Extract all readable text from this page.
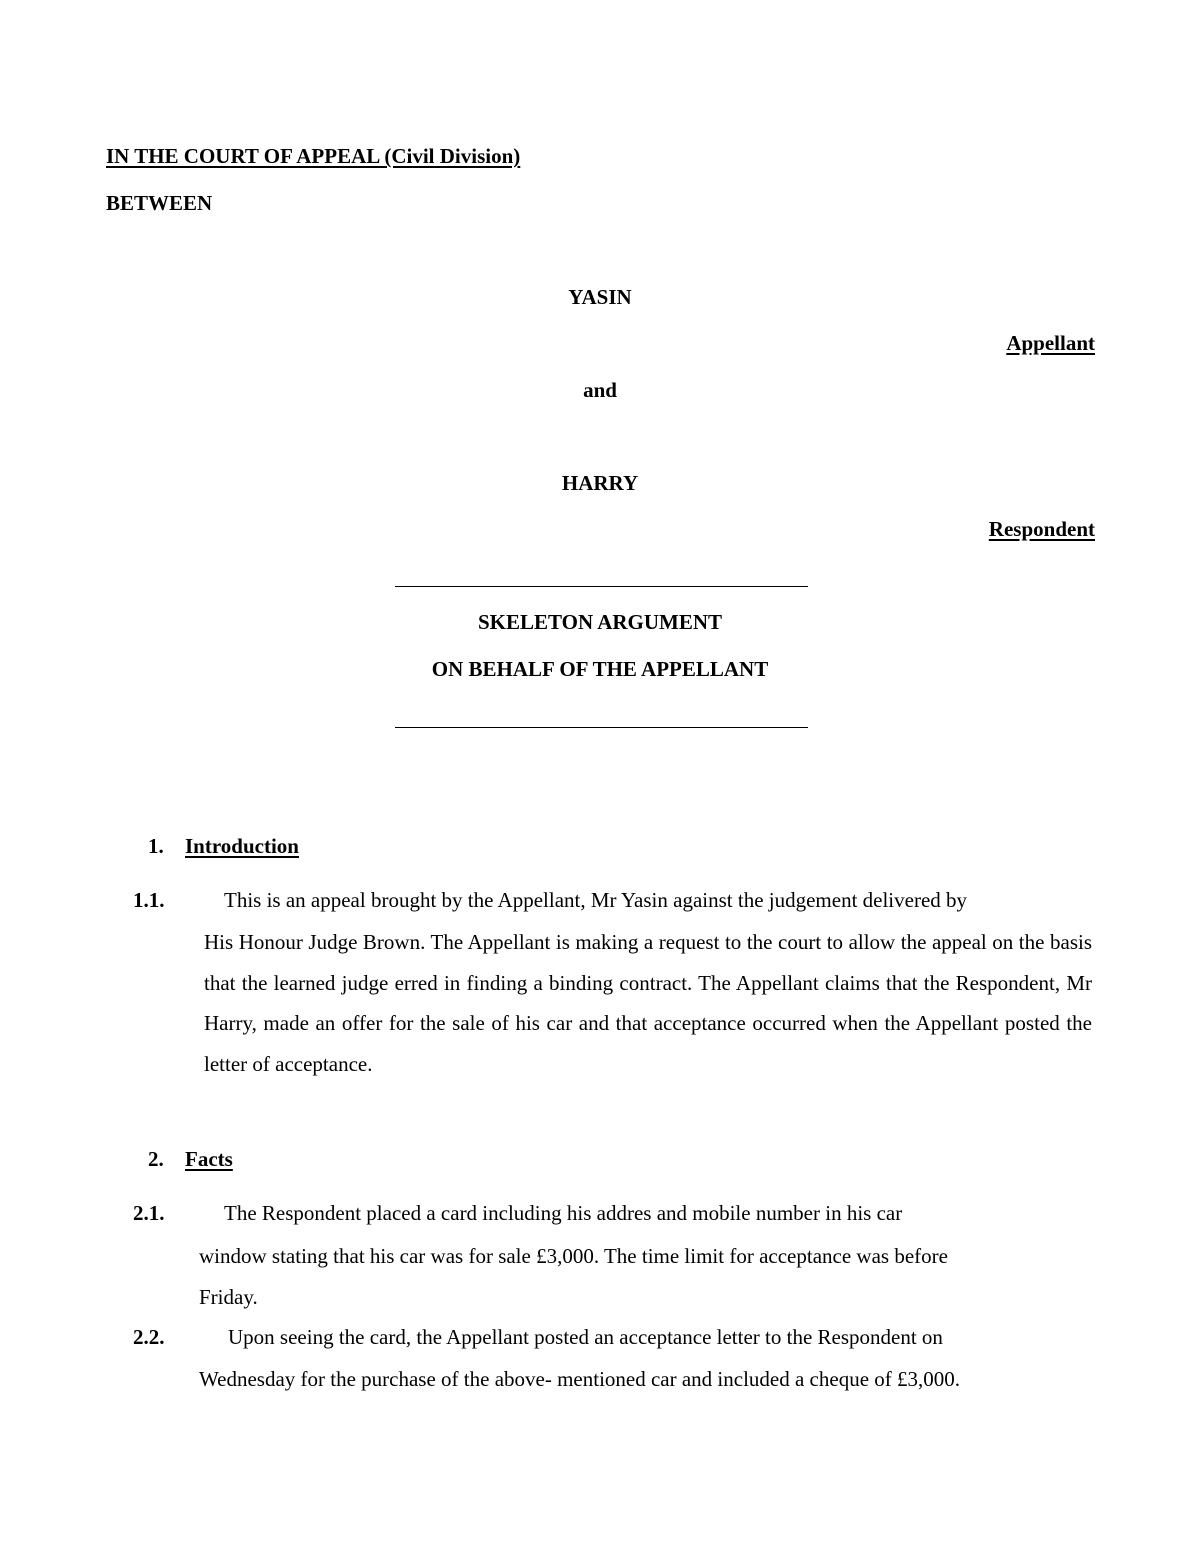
IN THE COURT OF APPEAL (Civil Division)
BETWEEN
YASIN
Appellant
and
HARRY
Respondent
SKELETON ARGUMENT
ON BEHALF OF THE APPELLANT
1. Introduction
1.1.	This is an appeal brought by the Appellant, Mr Yasin against the judgement delivered by
His Honour Judge Brown. The Appellant is making a request to the court to allow the appeal on the basis that the learned judge erred in finding a binding contract. The Appellant claims that the Respondent, Mr Harry, made an offer for the sale of his car and that acceptance occurred when the Appellant posted the letter of acceptance.
2. Facts
2.1.	The Respondent placed a card including his addres and mobile number in his car
window stating that his car was for sale £3,000. The time limit for acceptance was before
Friday.
2.2.	Upon seeing the card, the Appellant posted an acceptance letter to the Respondent on
Wednesday for the purchase of the above- mentioned car and included a cheque of £3,000.
